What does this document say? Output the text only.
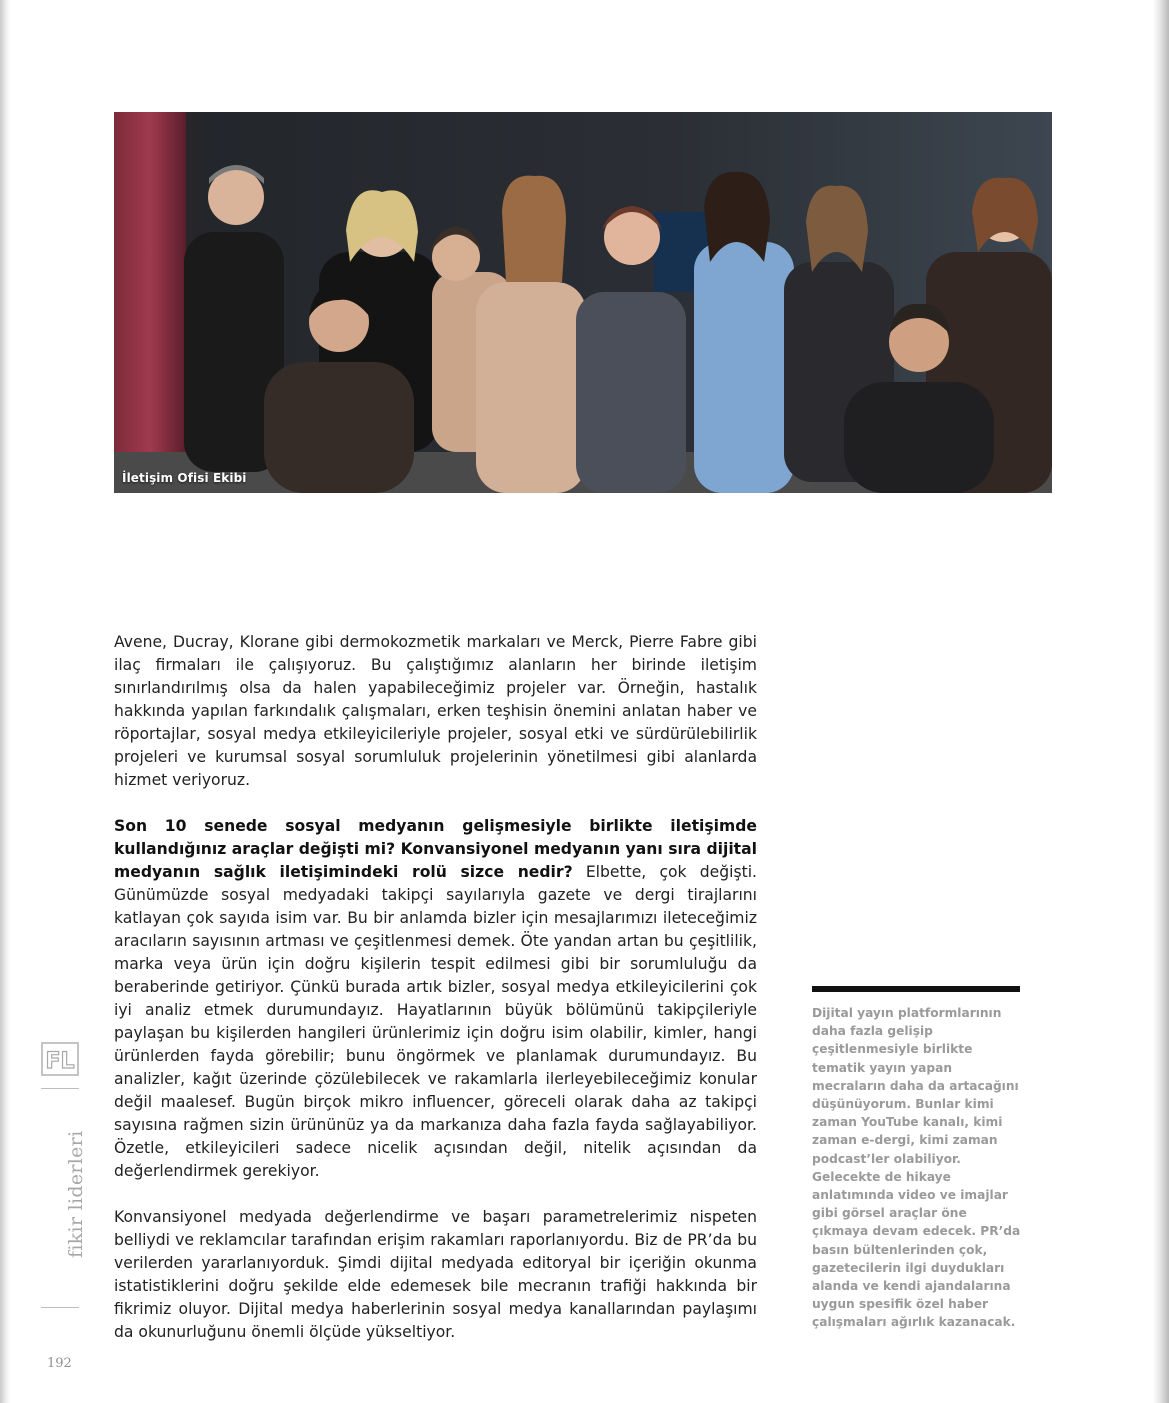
İletişim Ofisi Ekibi

Avene, Ducray, Klorane gibi dermokozmetik markaları ve Merck, Pierre Fabre gibi ilaç firmaları ile çalışıyoruz. Bu çalıştığımız alanların her birinde iletişim sınırlandırılmış olsa da halen yapabileceğimiz projeler var. Örneğin, hastalık hakkında yapılan farkındalık çalışmaları, erken teşhisin önemini anlatan haber ve röportajlar, sosyal medya etkileyicileriyle projeler, sosyal etki ve sürdürülebilirlik projeleri ve kurumsal sosyal sorumluluk projelerinin yönetilmesi gibi alanlarda hizmet veriyoruz.

Son 10 senede sosyal medyanın gelişmesiyle birlikte iletişimde kullandığınız araçlar değişti mi? Konvansiyonel medyanın yanı sıra dijital medyanın sağlık iletişimindeki rolü sizce nedir? Elbette, çok değişti. Günümüzde sosyal medyadaki takipçi sayılarıyla gazete ve dergi tirajlarını katlayan çok sayıda isim var. Bu bir anlamda bizler için mesajlarımızı ileteceğimiz aracıların sayısının artması ve çeşitlenmesi demek. Öte yandan artan bu çeşitlilik, marka veya ürün için doğru kişilerin tespit edilmesi gibi bir sorumluluğu da beraberinde getiriyor. Çünkü burada artık bizler, sosyal medya etkileyicilerini çok iyi analiz etmek durumundayız. Hayatlarının büyük bölümünü takipçileriyle paylaşan bu kişilerden hangileri ürünlerimiz için doğru isim olabilir, kimler, hangi ürünlerden fayda görebilir; bunu öngörmek ve planlamak durumundayız. Bu analizler, kağıt üzerinde çözülebilecek ve rakamlarla ilerleyebileceğimiz konular değil maalesef. Bugün birçok mikro influencer, göreceli olarak daha az takipçi sayısına rağmen sizin ürününüz ya da markanıza daha fazla fayda sağlayabiliyor. Özetle, etkileyicileri sadece nicelik açısından değil, nitelik açısından da değerlendirmek gerekiyor.

Konvansiyonel medyada değerlendirme ve başarı parametrelerimiz nispeten belliydi ve reklamcılar tarafından erişim rakamları raporlanıyordu. Biz de PR’da bu verilerden yararlanıyorduk. Şimdi dijital medyada editoryal bir içeriğin okunma istatistiklerini doğru şekilde elde edemesek bile mecranın trafiği hakkında bir fikrimiz oluyor. Dijital medya haberlerinin sosyal medya kanallarından paylaşımı da okunurluğunu önemli ölçüde yükseltiyor.

Dijital yayın platformlarının daha fazla gelişip çeşitlenmesiyle birlikte tematik yayın yapan mecraların daha da artacağını düşünüyorum. Bunlar kimi zaman YouTube kanalı, kimi zaman e-dergi, kimi zaman podcast’ler olabiliyor. Gelecekte de hikaye anlatımında video ve imajlar gibi görsel araçlar öne çıkmaya devam edecek. PR’da basın bültenlerinden çok, gazetecilerin ilgi duydukları alanda ve kendi ajandalarına uygun spesifik özel haber çalışmaları ağırlık kazanacak.
FL
fikir liderleri
192
